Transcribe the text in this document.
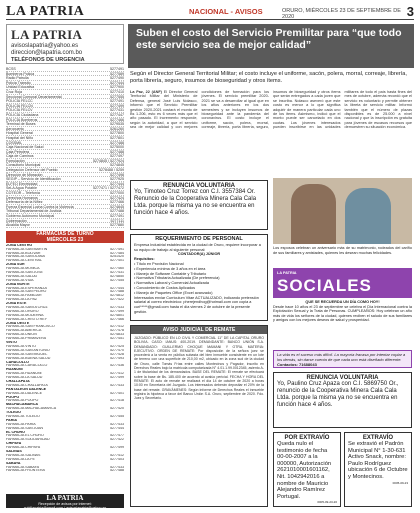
LA PATRIA	NACIONAL - AVISOS	ORURO, MIÉRCOLES 23 DE SEPTIEMBRE DE 2020	3
LA PATRIA
avisoslapatria@yahoo.es
direccion@lapatria.com.bo
TELÉFONOS DE URGENCIA
BCSS	5277491
Bomberos Policía	5277589
Radio Patrulla	5277490
Policía Tránsito	5277444
Unidad Educativa	5277900
Cruz Roja	5277410
Seccional Comunal Departamental	5277555
POLICÍA FELCC	5277491
POLICÍA FELCN	5277499
POLICÍA FELCV	5277431
POLICÍA Ciudadana	5277447
POLICÍA Bomberos	5277466
Terminal de Buses	5279535
Aeropuerto	5261260
Hospital General	5277800
Hospital del Niño	5277801
COSSMIL	5277488
Caja Nacional de Salud	5275000
Caja Petrolera	5277488
Caja de Caminos	5277497
Fomulación	5274845 / 5277924
Consultorio Municipal	5274845
Delegación Defensor del Pueblo	5278488 / 5259
Dirección de Migración	5277498
SEGIP – Servicio de Identificación	5277925
ELFEO Electricidad	5277444
SeLA Agua Potable	5277471 / 5277472
COTEOR – Telefonía	5277000
Derechos Humanos	5277424
Defensoría de la Niñez	5277466
Fuerza Especial Lucha Contra la Violencia	5274845
Tribunal Departamental de Justicia	5277488
Gobierno Autónomo Municipal	5277491
Gobernación	5277111
Alcaldía Mayor	5277880
FARMACIAS DE TURNO
MIÉRCOLES 23
ZONA CENTRO
FARMACIA SAN MARTÍN	5277491
FARMACIA BOLÍVAR	5277484
FARMACIA SANTA ANA	5251420
FARMACIA CENTRAL	5277401
ZONA SUR
FARMACIA MÓNICA	5277460
FARMACIA SAN JOSÉ	5277431
FARMACIA SALUD	5274850
FARMACIA VIDA	5277455
ZONA NORTE
FARMACIA ESPERANZA	5277444
FARMACIA SAN PEDRO	5277488
FARMACIA FAMILIAR	5274812
FARMACIA LA PAZ	5277422
ZONA ESTE
FARMACIA SANTA CRUZ	5277433
FARMACIA ORURO	5277499
FARMACIA MODERNA	5274801
FARMACIA CRISTO REY	5277466
ZONA OESTE
FARMACIA SAN FRANCISCO	5277412
FARMACIA AMÉRICA	5277478
FARMACIA UNIÓN	5274833
FARMACIA PRIMAVERA	5277451
VINTO
FARMACIA VINTO	5277425
FARMACIA SAN ANTONIO	5277470
FARMACIA SAN MIGUEL	5277428
FARMACIA BUENA SALUD	5277493
CARACOLLO
FARMACIA CARACOLLO	5277436
HUANUNI
FARMACIA HUANUNI	5277412
FARMACIA LA SALUD	5277499
CHALLAPATA
FARMACIA CHALLAPATA	5277433
PANTALEÓN DALENCE
FARMACIA DALENCE	5277401
POOPÓ
FARMACIA POOPÓ	5277418
MACHACAMARCA
FARMACIA MACHACAMARCA	5277420
TOLEDO
FARMACIA TOLEDO	5277455
PARÍA
FARMACIA PARÍA	5277433
FARMACIA SAN JUAN	5277444
EL CHORO
FARMACIA EL CHORO	5277477
FARMACIA SOLIDARIDAD	5277422
CHIPAYA
FARMACIA CHIPAYA	5277499
SALINAS
FARMACIA SALINAS	5277412
FARMACIA LA FE	5277403
SABAYA
FARMACIA SABAYA	5277433
FARMACIA FRONTERA	5277488
LA PATRIA
Recepción de avisos por internet:
publilapatria@gmail.com / avisoslapatria@yahoo.es
Suben el costo del Servicio Premilitar para “que todo este servicio sea de mejor calidad”
Según el Director General Territorial Militar; el costo incluye el uniforme, sacón, polera, morral, correaje, librería, porta librería, seguro, insumos de bioseguridad y otros ítems.
La Paz, 22 (ANF) El Director General Territorial Militar del Ministerio de Defensa, general José Luis Nolasco, informó que el Servicio Premilitar gestión 2020-2021 costará el monto de Bs 1.206, esto es 6 veces más que el año pasado. El incremento responde, según la autoridad, a que el servicio sea de mejor calidad y con mejores condiciones de formación para los jóvenes. El servicio premilitar 2020-2021 se va a desarrollar al igual que en los años anteriores en los dos semestres y se incluyen insumos de bioseguridad ante la pandemia del coronavirus. El costo incluye el uniforme, sacón, polera, morral, correaje, librería, porta librería, seguro, insumos de bioseguridad y otros ítems que serán entregados a cada joven que se inscriba. Nolasco aseveró que este costo es menor a lo que significa adquirir de manera particular cada uno de los ítems. Asimismo, indicó que el monto puede ser cancelado en dos cuotas. Los jóvenes interesados pueden inscribirse en las unidades militares de todo el país hasta fines del mes de octubre, además recordó que el servicio es voluntario y permite obtener la libreta de servicio militar. Informó también que el número de plazas disponibles es de 25.000 a nivel nacional y que la inscripción es gratuita para jóvenes de escasos recursos que demuestren su situación económica.
RENUNCIA VOLUNTARIA
Yo, Timoteo Cruz Torrez con C.I. 3557384 Or. Renuncio de la Cooperativa Minera Cala Cala Ltda. porque la misma ya no se encuentra en función hace 4 años.
REQUERIMIENTO DE PERSONAL
Empresa Industrial establecida en la ciudad de Oruro, requiere incorporar a su equipo de trabajo al siguiente personal:
CONTADOR(A) JÚNIOR
Requisitos:
• Título en Provisión Nacional
• Experiencia mínima de 3 años en el área
• Manejo de Software Contable y Tributario
• Normativa Tributaria Actualizada (De preferencia)
• Normativa Laboral y Comercial Actualizada
• Conocimiento de Costos Aplicados
• Manejo de Paquetes Office (Excel avanzado)
Interesados enviar Curriculum Vitae ACTUALIZADO, indicando pretensión salarial al correo electrónico: pherejendhog@hotmail.com con copia a curi*****@gmail.com hasta el día viernes 2 de octubre de la presente gestión.
AVISO JUDICIAL DE REMATE
JUZGADO: PÚBLICO EN LO CIVIL Y COMERCIAL 11° DE LA CAPITAL ORURO BOLIVIA. CASO: IANUS: 400-2019. DEMANDANTE: BANCO UNIÓN S.A. DEMANDADO: GUILLERMO CHOQUE MAMANI Y OTRA. MATERIA: EJECUTIVO. ORDEN DE REMATE: Por disposición de la señora juez se procederá a la venta en pública subasta del bien inmueble consistente en un lote de terreno con una superficie de 210,00 m2, ubicado en la zona sud de la ciudad de Oruro, calle Tomás Frías entre calles Montecinos y Pagador, inscrito en Derechos Reales bajo la matrícula computarizada N° 4.01.1.99.0012345, asiento A-1 de titularidad de los demandados. BASE DEL REMATE: El remate se efectuará sobre la base de Bs. 185.400 de acuerdo al avalúo pericial. FECHA Y HORA DEL REMATE: El acto de remate se realizará el día 14 de octubre de 2020 a horas 10:00 en Secretaría del Juzgado. Los interesados deberán depositar el 20% de la base del remate. GRAVÁMENES: Según informe de Derechos Reales el inmueble registra la hipoteca a favor del Banco Unión S.A. Oruro, septiembre de 2020. Fdo. Juez y Secretario.
Los esposos celebran un aniversario más de su matrimonio, rodeados del cariño de sus familiares y amistades, quienes les desean muchas felicidades.
LA PATRIA
SOCIALES
QUE SE RECUERDA UN DÍA COMO HOY!
Desde hace 10 años el 23 de septiembre se celebra el Día Internacional contra la Explotación Sexual y la Trata de Personas. CUMPLEAÑOS: Hoy celebran un año más de vida los señores de la ciudad, quienes reciben el saludo de sus familiares y amigos con los mejores deseos de salud y prosperidad.
La vida es el suceso más difícil. La mayoría fracasa por intentar copiar a los demás, sin darse cuenta de que cada uno está diseñado diferente. Contactos: 71688043
RENUNCIA VOLUNTARIA
Yo, Paulino Cruz Apaza con C.I. 5869750 Or., renuncio de la Cooperativa Minera Cala Cala Ltda. porque la misma ya no se encuentra en función hace 4 años.
POR EXTRAVÍO
Queda nulo el testimonio de fecha 00-00-2007 a la 000000, Autorización 2621010001601162, Nit. 1042942016 a nombre de Mauricio Alejandro Ramírez Portugal.
0005-09-23-20
EXTRAVÍO
Se extravió el Padrón Municipal N° 1-30-631 Activo Snack, nombre: Paulo Rodríguez ubicación 6 de Octubre y Montecinos.
0005-09-23
